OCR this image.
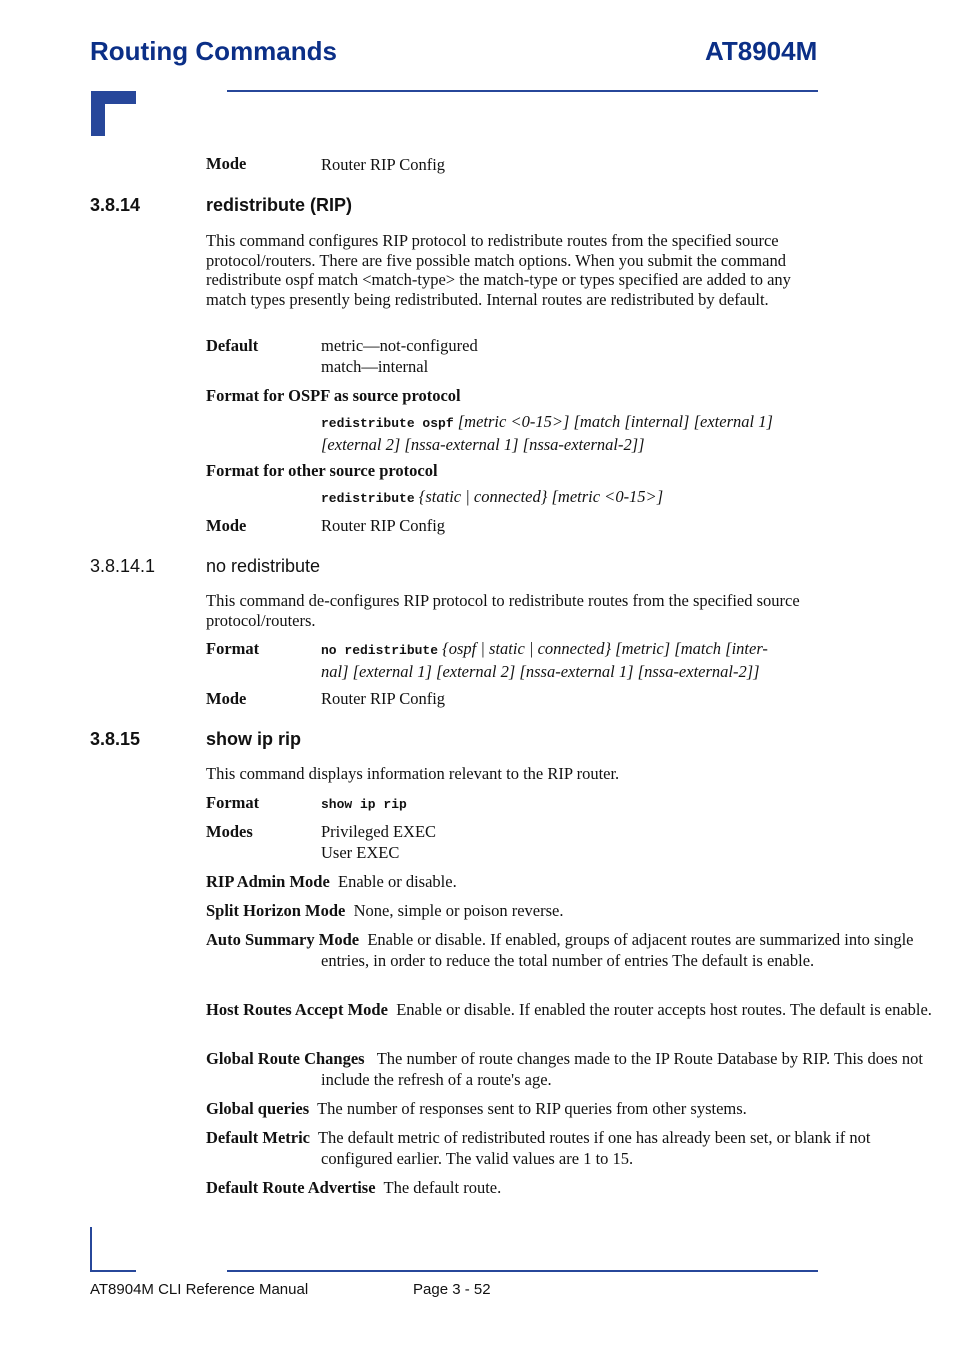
Routing Commands	AT8904M
Mode	Router RIP Config
3.8.14	redistribute (RIP)
This command configures RIP protocol to redistribute routes from the specified source protocol/routers. There are five possible match options. When you submit the command redistribute ospf match <match-type> the match-type or types specified are added to any match types presently being redistributed. Internal routes are redistributed by default.
Default	metric—not-configured
match—internal
Format for OSPF as source protocol
redistribute ospf [metric <0-15>] [match [internal] [external 1]
[external 2] [nssa-external 1] [nssa-external-2]]
Format for other source protocol
redistribute {static | connected} [metric <0-15>]
Mode	Router RIP Config
3.8.14.1	no redistribute
This command de-configures RIP protocol to redistribute routes from the specified source protocol/routers.
Format	no redistribute {ospf | static | connected} [metric] [match [inter-
nal] [external 1] [external 2] [nssa-external 1] [nssa-external-2]]
Mode	Router RIP Config
3.8.15	show ip rip
This command displays information relevant to the RIP router.
Format	show ip rip
Modes	Privileged EXEC
User EXEC
RIP Admin Mode Enable or disable.
Split Horizon Mode None, simple or poison reverse.
Auto Summary Mode Enable or disable. If enabled, groups of adjacent routes are summarized into single entries, in order to reduce the total number of entries The default is enable.
Host Routes Accept Mode Enable or disable. If enabled the router accepts host routes. The default is enable.
Global Route Changes The number of route changes made to the IP Route Database by RIP. This does not include the refresh of a route's age.
Global queries The number of responses sent to RIP queries from other systems.
Default Metric The default metric of redistributed routes if one has already been set, or blank if not configured earlier. The valid values are 1 to 15.
Default Route Advertise The default route.
AT8904M CLI Reference Manual	Page 3 - 52
